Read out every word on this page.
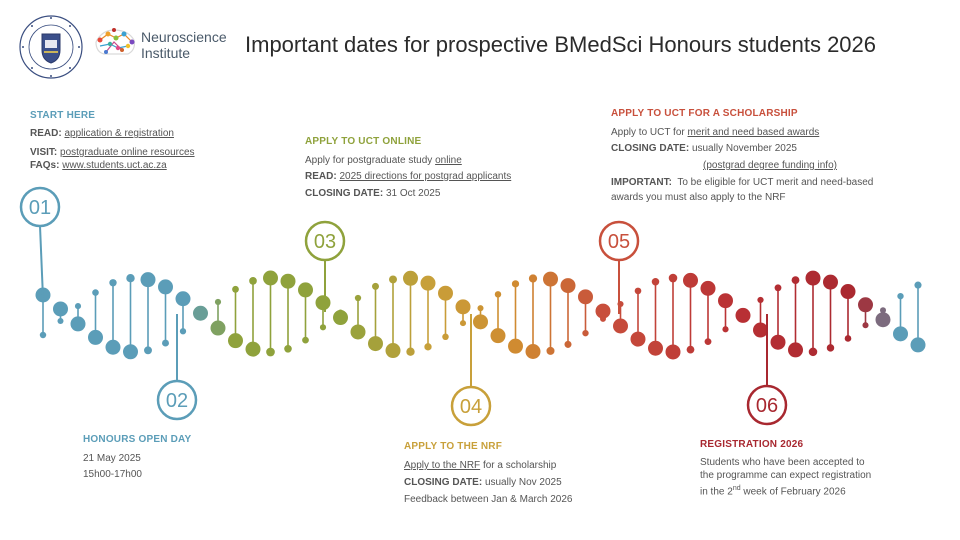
Important dates for prospective BMedSci Honours students 2026
Neuroscience
Institute
01
02
03
04
05
06
START HERE
READ: application & registration
VISIT: postgraduate online resources
FAQs: www.students.uct.ac.za
HONOURS OPEN DAY
21 May 2025
15h00-17h00
APPLY TO UCT ONLINE
Apply for postgraduate study online
READ: 2025 directions for postgrad applicants
CLOSING DATE: 31 Oct 2025
APPLY TO THE NRF
Apply to the NRF for a scholarship
CLOSING DATE: usually Nov 2025
Feedback between Jan & March 2026
APPLY TO UCT FOR A SCHOLARSHIP
Apply to UCT for merit and need based awards
CLOSING DATE: usually November 2025
(postgrad degree funding info)
IMPORTANT: To be eligible for UCT merit and need-based
awards you must also apply to the NRF
REGISTRATION 2026
Students who have been accepted to
the programme can expect registration
in the 2nd week of February 2026
